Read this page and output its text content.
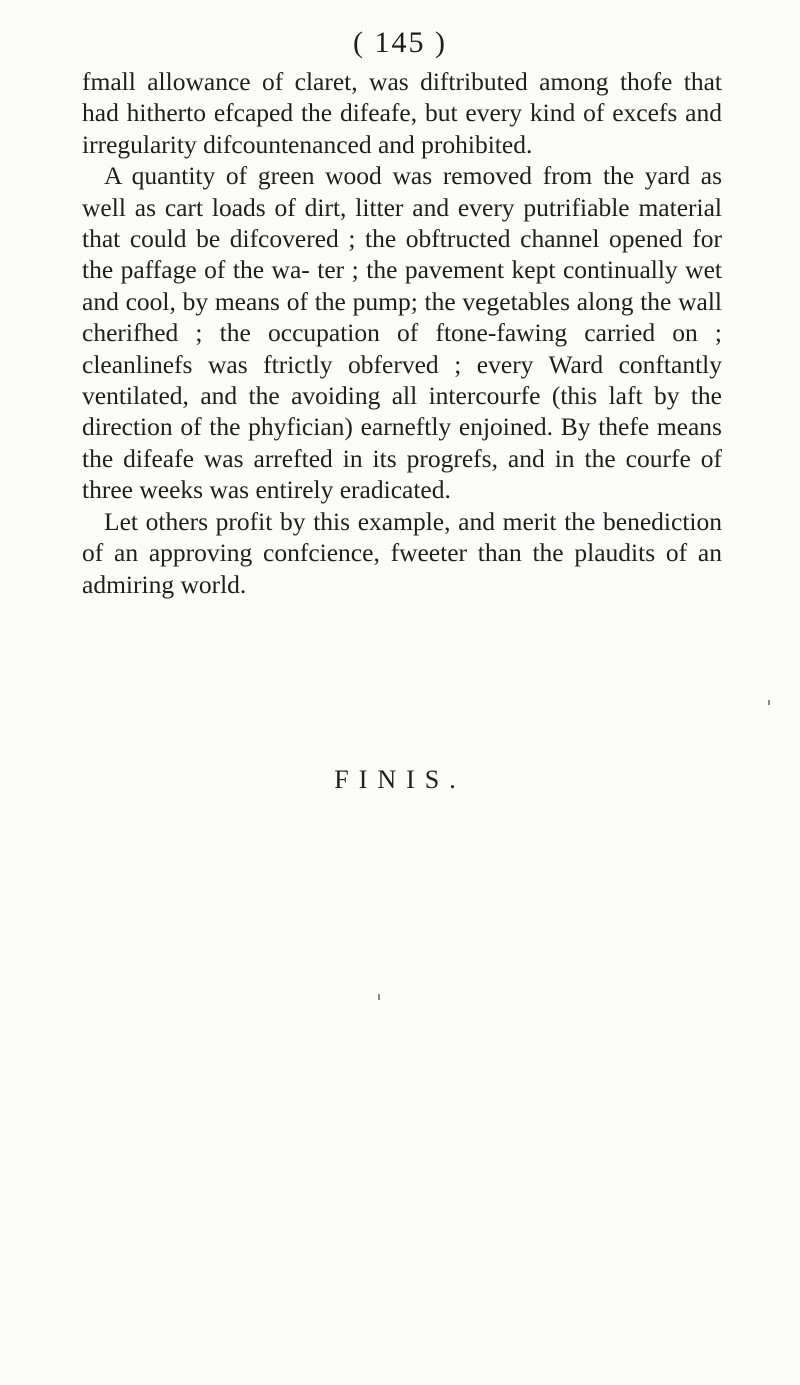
( 145 )

fmall allowance of claret, was diftributed among thofe that had hitherto efcaped the difeafe, but every kind of excefs and irregularity difcountenanced and prohibited.

A quantity of green wood was removed from the yard as well as cart loads of dirt, litter and every putrifiable material that could be difcovered ; the obftructed channel opened for the paffage of the wa- ter ; the pavement kept continually wet and cool, by means of the pump; the vegetables along the wall cherifhed ; the occupation of ftone-fawing carried on ; cleanlinefs was ftrictly obferved ; every Ward conftantly ventilated, and the avoiding all intercourfe (this laft by the direction of the phyfician) earneftly enjoined. By thefe means the difeafe was arrefted in its progrefs, and in the courfe of three weeks was entirely eradicated.

Let others profit by this example, and merit the benediction of an approving confcience, fweeter than the plaudits of an admiring world.

FINIS.
